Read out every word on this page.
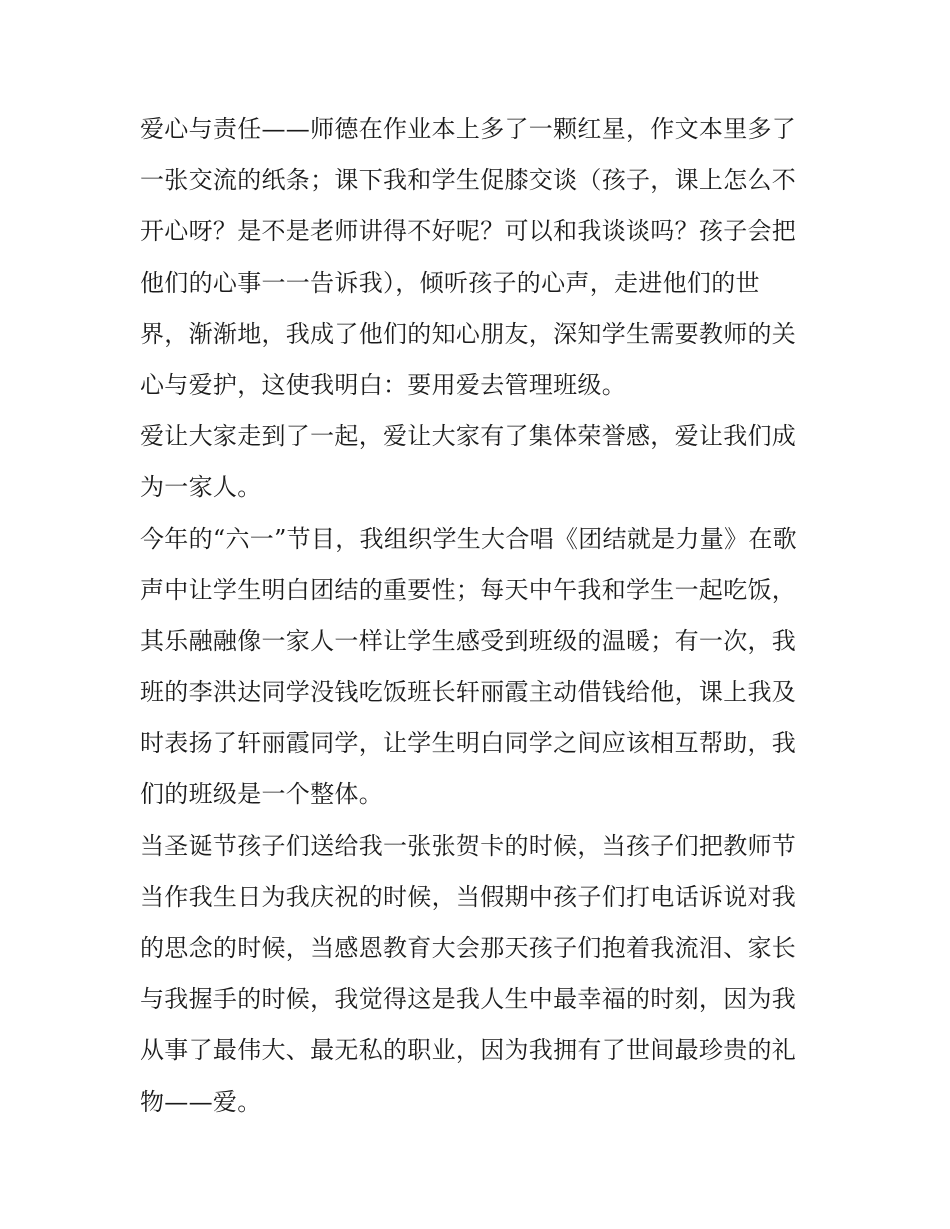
爱心与责任——师德在作业本上多了一颗红星，作文本里多了
一张交流的纸条；课下我和学生促膝交谈（孩子，课上怎么不
开心呀？是不是老师讲得不好呢？可以和我谈谈吗？孩子会把
他们的心事一一告诉我），倾听孩子的心声，走进他们的世
界，渐渐地，我成了他们的知心朋友，深知学生需要教师的关
心与爱护，这使我明白：要用爱去管理班级。
爱让大家走到了一起，爱让大家有了集体荣誉感，爱让我们成
为一家人。
今年的“六一”节目，我组织学生大合唱《团结就是力量》在歌
声中让学生明白团结的重要性；每天中午我和学生一起吃饭，
其乐融融像一家人一样让学生感受到班级的温暖；有一次，我
班的李洪达同学没钱吃饭班长轩丽霞主动借钱给他，课上我及
时表扬了轩丽霞同学，让学生明白同学之间应该相互帮助，我
们的班级是一个整体。
当圣诞节孩子们送给我一张张贺卡的时候，当孩子们把教师节
当作我生日为我庆祝的时候，当假期中孩子们打电话诉说对我
的思念的时候，当感恩教育大会那天孩子们抱着我流泪、家长
与我握手的时候，我觉得这是我人生中最幸福的时刻，因为我
从事了最伟大、最无私的职业，因为我拥有了世间最珍贵的礼
物——爱。
